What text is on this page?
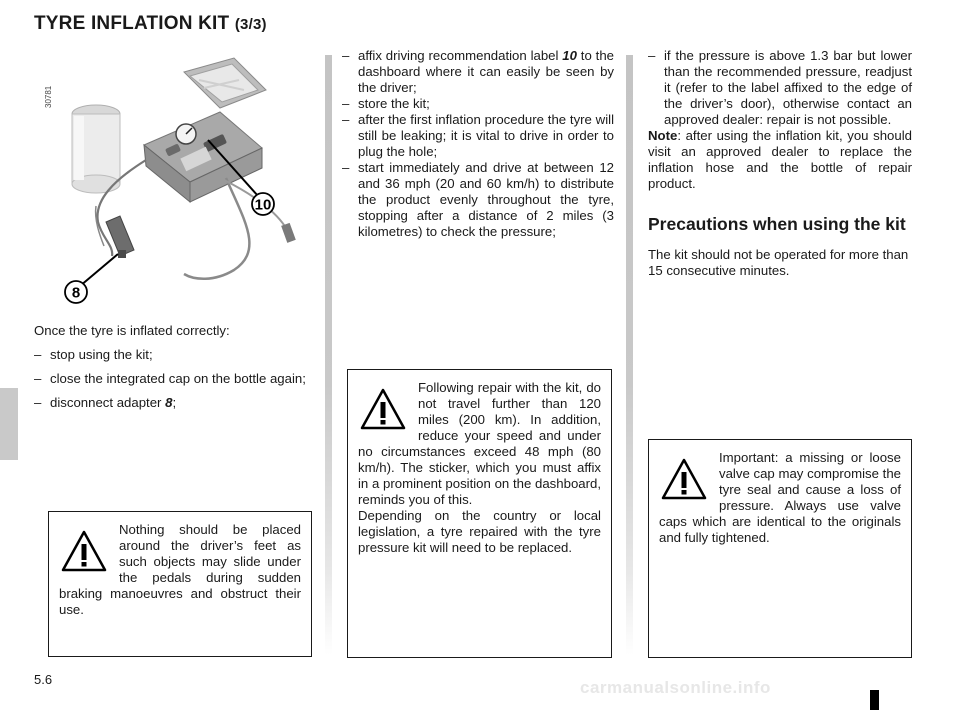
TYRE INFLATION KIT (3/3)
10
8
30781

Once the tyre is inflated correctly:

– stop using the kit;
– close the integrated cap on the bottle again;
– disconnect adapter 8;
Nothing should be placed around the driver’s feet as such objects may slide under the pedals during sudden braking manoeuvres and obstruct their use.
– affix driving recommendation label 10 to the dashboard where it can easily be seen by the driver;
– store the kit;
– after the first inflation procedure the tyre will still be leaking; it is vital to drive in order to plug the hole;
– start immediately and drive at between 12 and 36 mph (20 and 60 km/h) to distribute the product evenly throughout the tyre, stopping after a distance of 2 miles (3 kilometres) to check the pressure;
Following repair with the kit, do not travel further than 120 miles (200 km). In addition, reduce your speed and under no circumstances exceed 48 mph (80 km/h). The sticker, which you must affix in a prominent position on the dashboard, reminds you of this.
Depending on the country or local legislation, a tyre repaired with the tyre pressure kit will need to be replaced.
– if the pressure is above 1.3 bar but lower than the recommended pressure, readjust it (refer to the label affixed to the edge of the driver’s door), otherwise contact an approved dealer: repair is not possible.

Note: after using the inflation kit, you should visit an approved dealer to replace the inflation hose and the bottle of repair product.

Precautions when using the kit

The kit should not be operated for more than 15 consecutive minutes.

Important: a missing or loose valve cap may compromise the tyre seal and cause a loss of pressure. Always use valve caps which are identical to the originals and fully tightened.
5.6	carmanualsonline.info
